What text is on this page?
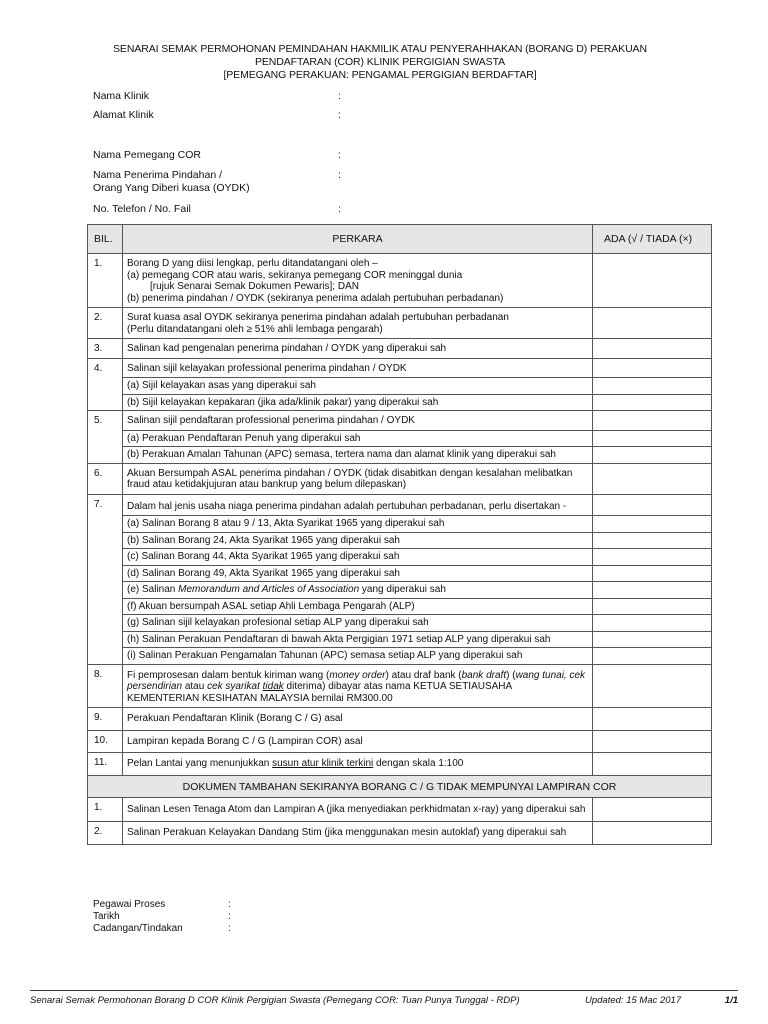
SENARAI SEMAK PERMOHONAN PEMINDAHAN HAKMILIK ATAU PENYERAHHAKAN (BORANG D) PERAKUAN
PENDAFTARAN (COR) KLINIK PERGIGIAN SWASTA
[PEMEGANG PERAKUAN: PENGAMAL PERGIGIAN BERDAFTAR]
Nama Klinik	:
Alamat Klinik	:
Nama Pemegang COR	:
Nama Penerima Pindahan /	:
Orang Yang Diberi kuasa (OYDK)
No. Telefon / No. Fail	:
BIL.	PERKARA	ADA (√ / TIADA (×)
1.	Borang D yang diisi lengkap, perlu ditandatangani oleh –
(a) pemegang COR atau waris, sekiranya pemegang COR meninggal dunia
[rujuk Senarai Semak Dokumen Pewaris]; DAN
(b) penerima pindahan / OYDK (sekiranya penerima adalah pertubuhan perbadanan)	

2.	Surat kuasa asal OYDK sekiranya penerima pindahan adalah pertubuhan perbadanan
(Perlu ditandatangani oleh ≥ 51% ahli lembaga pengarah)	

3.	Salinan kad pengenalan penerima pindahan / OYDK yang diperakui sah	
4.	Salinan sijil kelayakan professional penerima pindahan / OYDK	
	(a) Sijil kelayakan asas yang diperakui sah	
	(b) Sijil kelayakan kepakaran (jika ada/klinik pakar) yang diperakui sah	
5.	Salinan sijil pendaftaran professional penerima pindahan / OYDK	
	(a) Perakuan Pendaftaran Penuh yang diperakui sah	
	(b) Perakuan Amalan Tahunan (APC) semasa, tertera nama dan alamat klinik yang diperakui sah	
6.	Akuan Bersumpah ASAL penerima pindahan / OYDK (tidak disabitkan dengan kesalahan melibatkan fraud atau ketidakjujuran atau bankrup yang belum dilepaskan)	
7.	Dalam hal jenis usaha niaga penerima pindahan adalah pertubuhan perbadanan, perlu disertakan -	
	(a) Salinan Borang 8 atau 9 / 13, Akta Syarikat 1965 yang diperakui sah	
	(b) Salinan Borang 24, Akta Syarikat 1965 yang diperakui sah	
	(c) Salinan Borang 44, Akta Syarikat 1965 yang diperakui sah	
	(d) Salinan Borang 49, Akta Syarikat 1965 yang diperakui sah	
	(e) Salinan Memorandum and Articles of Association yang diperakui sah	
	(f) Akuan bersumpah ASAL setiap Ahli Lembaga Pengarah (ALP)	
	(g) Salinan sijil kelayakan profesional setiap ALP yang diperakui sah	
	(h) Salinan Perakuan Pendaftaran di bawah Akta Pergigian 1971 setiap ALP yang diperakui sah	
	(i) Salinan Perakuan Pengamalan Tahunan (APC) semasa setiap ALP yang diperakui sah	
8.	Fi pemprosesan dalam bentuk kiriman wang (money order) atau draf bank (bank draft) (wang tunai, cek persendirian atau cek syarikat tidak diterima) dibayar atas nama KETUA SETIAUSAHA KEMENTERIAN KESIHATAN MALAYSIA bernilai RM300.00	
9.	Perakuan Pendaftaran Klinik (Borang C / G) asal	
10.	Lampiran kepada Borang C / G (Lampiran COR) asal	
11.	Pelan Lantai yang menunjukkan susun atur klinik terkini dengan skala 1:100	
DOKUMEN TAMBAHAN SEKIRANYA BORANG C / G TIDAK MEMPUNYAI LAMPIRAN COR		
1.	Salinan Lesen Tenaga Atom dan Lampiran A (jika menyediakan perkhidmatan x-ray) yang diperakui sah	
2.	Salinan Perakuan Kelayakan Dandang Stim (jika menggunakan mesin autoklaf) yang diperakui sah	
Pegawai Proses	:
Tarikh	:
Cadangan/Tindakan	:
Senarai Semak Permohonan Borang D COR Klinik Pergigian Swasta (Pemegang COR: Tuan Punya Tunggal - RDP)	Updated: 15 Mac 2017	1/1
